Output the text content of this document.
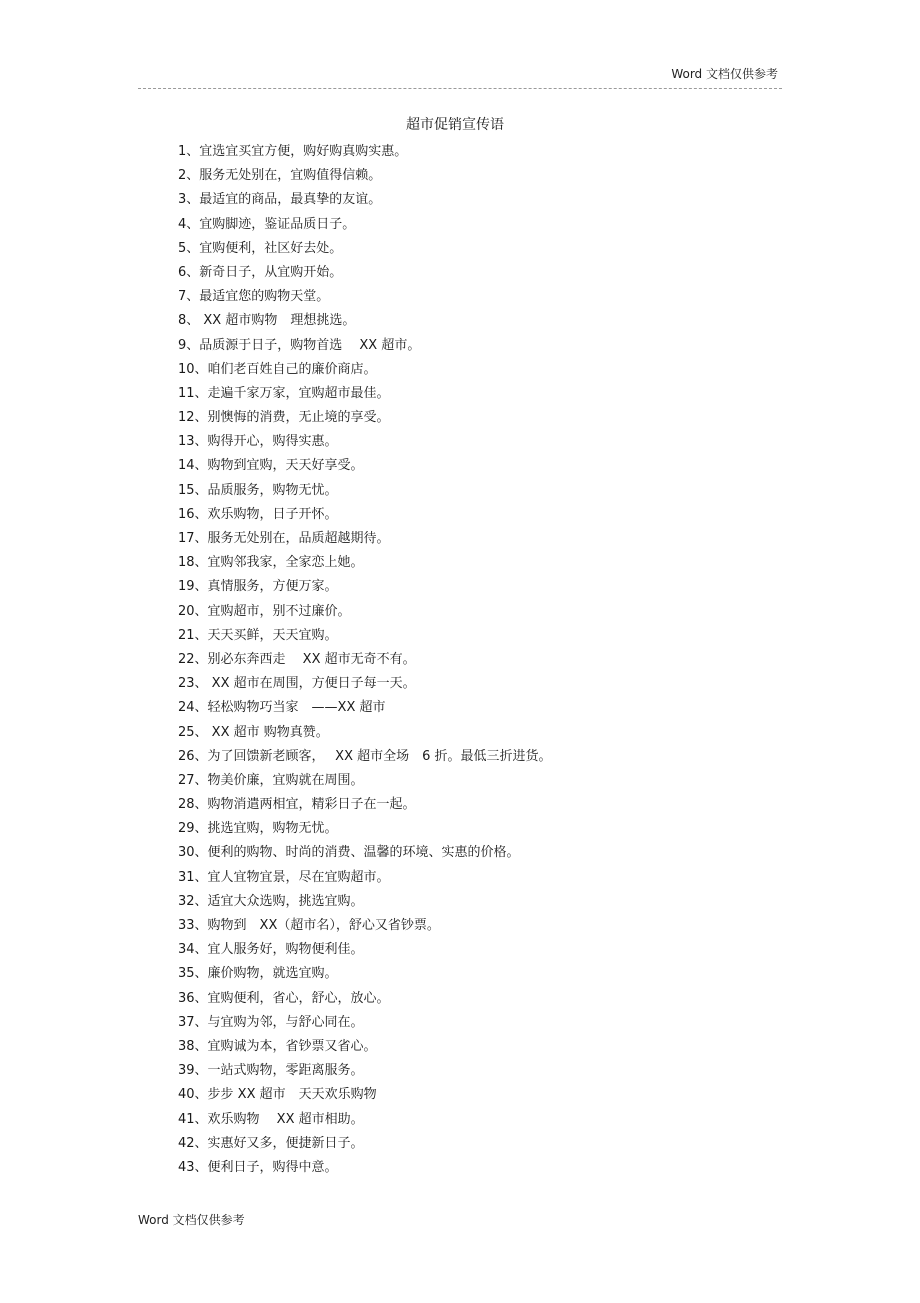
Word 文档仅供参考
超市促销宣传语
1、宜选宜买宜方便，购好购真购实惠。
2、服务无处别在，宜购值得信赖。
3、最适宜的商品，最真挚的友谊。
4、宜购脚迹，鉴证品质日子。
5、宜购便利，社区好去处。
6、新奇日子，从宜购开始。
7、最适宜您的购物天堂。
8、 XX 超市购物　理想挑选。
9、品质源于日子，购物首选　 XX 超市。
10、咱们老百姓自己的廉价商店。
11、走遍千家万家，宜购超市最佳。
12、别懊悔的消费，无止境的享受。
13、购得开心，购得实惠。
14、购物到宜购，天天好享受。
15、品质服务，购物无忧。
16、欢乐购物，日子开怀。
17、服务无处别在，品质超越期待。
18、宜购邻我家，全家恋上她。
19、真情服务，方便万家。
20、宜购超市，别不过廉价。
21、天天买鲜，天天宜购。
22、别必东奔西走　 XX 超市无奇不有。
23、 XX 超市在周围，方便日子每一天。
24、轻松购物巧当家　——XX 超市
25、 XX 超市 购物真赞。
26、为了回馈新老顾客，　 XX 超市全场　6 折。最低三折进货。
27、物美价廉，宜购就在周围。
28、购物消遣两相宜，精彩日子在一起。
29、挑选宜购，购物无忧。
30、便利的购物、时尚的消费、温馨的环境、实惠的价格。
31、宜人宜物宜景，尽在宜购超市。
32、适宜大众选购，挑选宜购。
33、购物到　XX（超市名），舒心又省钞票。
34、宜人服务好，购物便利佳。
35、廉价购物，就选宜购。
36、宜购便利，省心，舒心，放心。
37、与宜购为邻，与舒心同在。
38、宜购诚为本，省钞票又省心。
39、一站式购物，零距离服务。
40、步步 XX 超市　天天欢乐购物
41、欢乐购物　 XX 超市相助。
42、实惠好又多，便捷新日子。
43、便利日子，购得中意。
Word 文档仅供参考
